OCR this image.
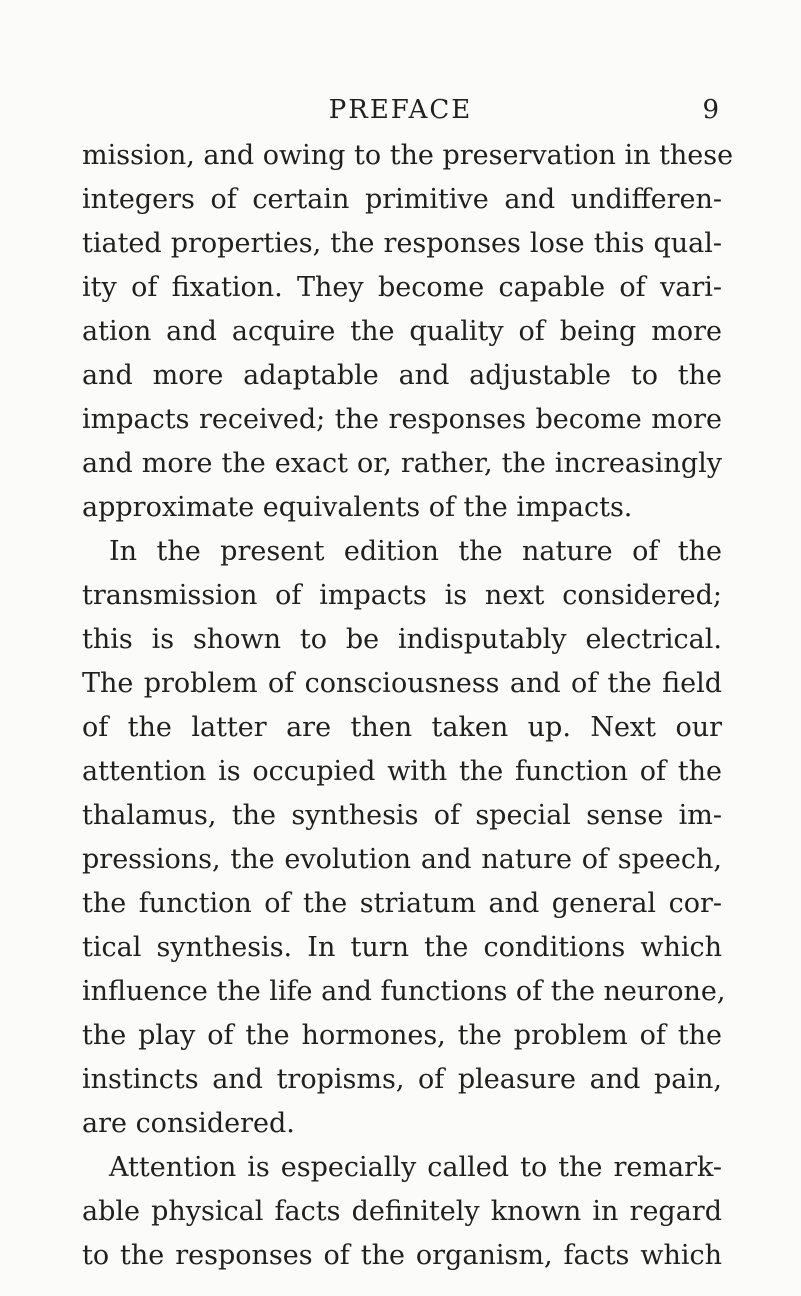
PREFACE	9
mission, and owing to the preservation in these
integers of certain primitive and undifferen-
tiated properties, the responses lose this qual-
ity of fixation. They become capable of vari-
ation and acquire the quality of being more
and more adaptable and adjustable to the
impacts received; the responses become more
and more the exact or, rather, the increasingly
approximate equivalents of the impacts.
In the present edition the nature of the
transmission of impacts is next considered;
this is shown to be indisputably electrical.
The problem of consciousness and of the field
of the latter are then taken up. Next our
attention is occupied with the function of the
thalamus, the synthesis of special sense im-
pressions, the evolution and nature of speech,
the function of the striatum and general cor-
tical synthesis. In turn the conditions which
influence the life and functions of the neurone,
the play of the hormones, the problem of the
instincts and tropisms, of pleasure and pain,
are considered.
Attention is especially called to the remark-
able physical facts definitely known in regard
to the responses of the organism, facts which
